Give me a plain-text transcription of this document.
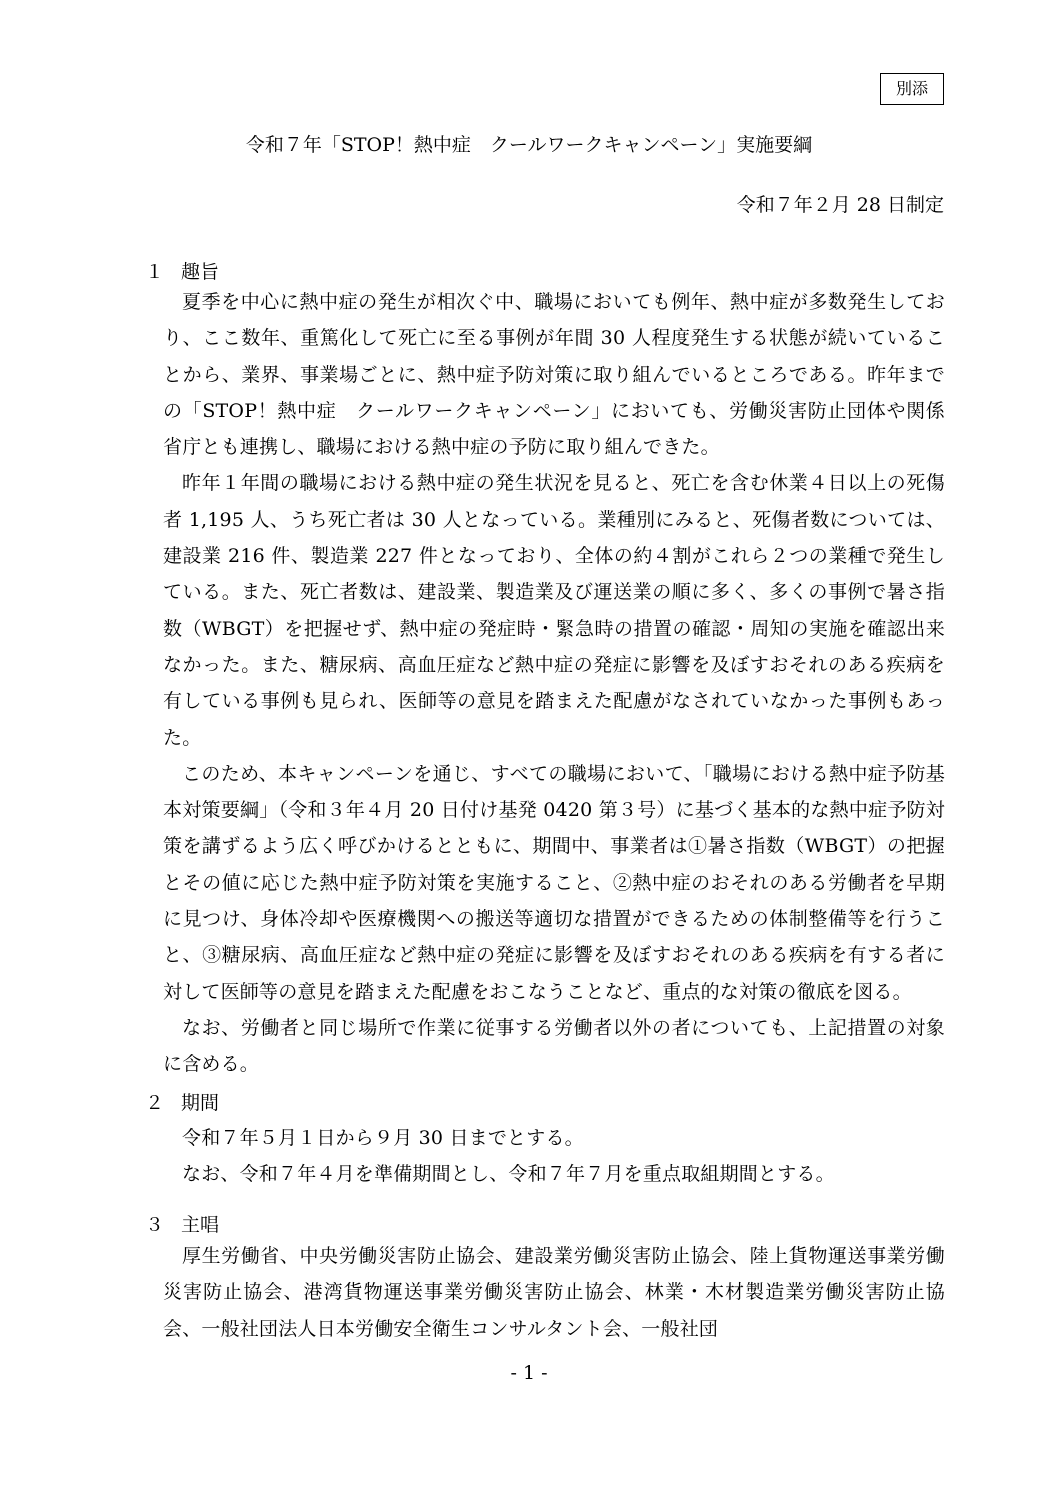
別添
令和７年「STOP！熱中症　クールワークキャンペーン」実施要綱
令和７年２月 28 日制定
１ 趣旨

夏季を中心に熱中症の発生が相次ぐ中、職場においても例年、熱中症が多数発生しており、ここ数年、重篤化して死亡に至る事例が年間 30 人程度発生する状態が続いていることから、業界、事業場ごとに、熱中症予防対策に取り組んでいるところである。昨年までの「STOP！熱中症　クールワークキャンペーン」においても、労働災害防止団体や関係省庁とも連携し、職場における熱中症の予防に取り組んできた。

昨年１年間の職場における熱中症の発生状況を見ると、死亡を含む休業４日以上の死傷者 1,195 人、うち死亡者は 30 人となっている。業種別にみると、死傷者数については、建設業 216 件、製造業 227 件となっており、全体の約４割がこれら２つの業種で発生している。また、死亡者数は、建設業、製造業及び運送業の順に多く、多くの事例で暑さ指数（WBGT）を把握せず、熱中症の発症時・緊急時の措置の確認・周知の実施を確認出来なかった。また、糖尿病、高血圧症など熱中症の発症に影響を及ぼすおそれのある疾病を有している事例も見られ、医師等の意見を踏まえた配慮がなされていなかった事例もあった。

このため、本キャンペーンを通じ、すべての職場において、「職場における熱中症予防基本対策要綱」（令和３年４月 20 日付け基発 0420 第３号）に基づく基本的な熱中症予防対策を講ずるよう広く呼びかけるとともに、期間中、事業者は①暑さ指数（WBGT）の把握とその値に応じた熱中症予防対策を実施すること、②熱中症のおそれのある労働者を早期に見つけ、身体冷却や医療機関への搬送等適切な措置ができるための体制整備等を行うこと、③糖尿病、高血圧症など熱中症の発症に影響を及ぼすおそれのある疾病を有する者に対して医師等の意見を踏まえた配慮をおこなうことなど、重点的な対策の徹底を図る。

なお、労働者と同じ場所で作業に従事する労働者以外の者についても、上記措置の対象に含める。

２ 期間

令和７年５月１日から９月 30 日までとする。

なお、令和７年４月を準備期間とし、令和７年７月を重点取組期間とする。

３ 主唱

厚生労働省、中央労働災害防止協会、建設業労働災害防止協会、陸上貨物運送事業労働災害防止協会、港湾貨物運送事業労働災害防止協会、林業・木材製造業労働災害防止協会、一般社団法人日本労働安全衛生コンサルタント会、一般社団

- 1 -
